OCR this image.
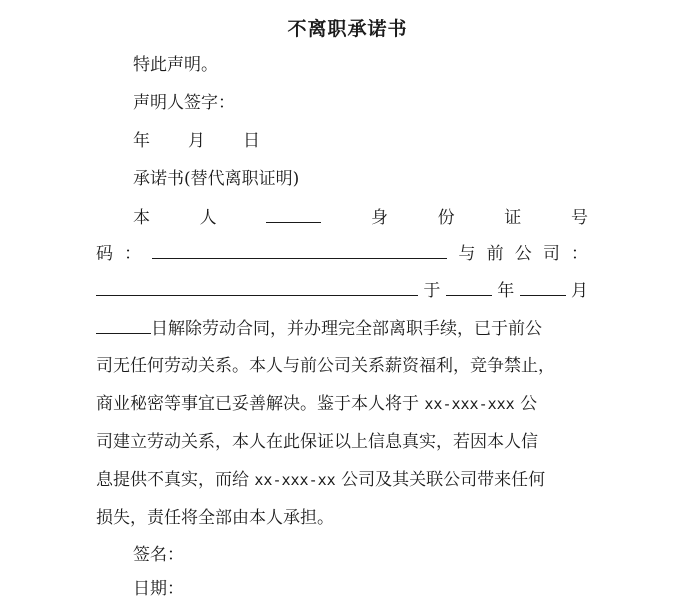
不离职承诺书
特此声明。
声明人签字：
年 月 日
承诺书(替代离职证明)
本	人	身	份	证	号
码 ：	与 前 公 司 ：
于	年	月
日解除劳动合同，并办理完全部离职手续，已于前公
司无任何劳动关系。本人与前公司关系薪资福利，竞争禁止，
商业秘密等事宜已妥善解决。鉴于本人将于 xx-xxx-xxx 公
司建立劳动关系，本人在此保证以上信息真实，若因本人信
息提供不真实，而给 xx-xxx-xx 公司及其关联公司带来任何
损失，责任将全部由本人承担。
签名：
日期：
